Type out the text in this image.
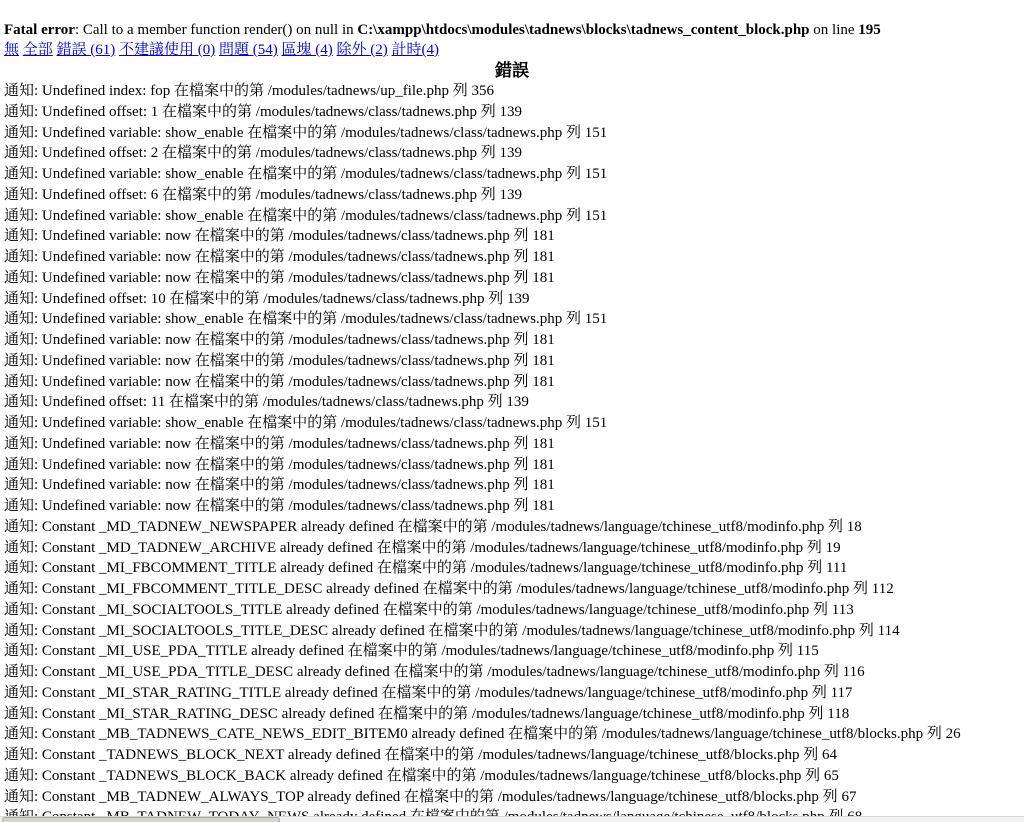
Fatal error: Call to a member function render() on null in C:\xampp\htdocs\modules\tadnews\blocks\tadnews_content_block.php on line 195
無 全部 錯誤 (61) 不建議使用 (0) 問題 (54) 區塊 (4) 除外 (2) 計時(4)
錯誤
通知: Undefined index: fop 在檔案中的第 /modules/tadnews/up_file.php 列 356
通知: Undefined offset: 1 在檔案中的第 /modules/tadnews/class/tadnews.php 列 139
通知: Undefined variable: show_enable 在檔案中的第 /modules/tadnews/class/tadnews.php 列 151
通知: Undefined offset: 2 在檔案中的第 /modules/tadnews/class/tadnews.php 列 139
通知: Undefined variable: show_enable 在檔案中的第 /modules/tadnews/class/tadnews.php 列 151
通知: Undefined offset: 6 在檔案中的第 /modules/tadnews/class/tadnews.php 列 139
通知: Undefined variable: show_enable 在檔案中的第 /modules/tadnews/class/tadnews.php 列 151
通知: Undefined variable: now 在檔案中的第 /modules/tadnews/class/tadnews.php 列 181
通知: Undefined variable: now 在檔案中的第 /modules/tadnews/class/tadnews.php 列 181
通知: Undefined variable: now 在檔案中的第 /modules/tadnews/class/tadnews.php 列 181
通知: Undefined offset: 10 在檔案中的第 /modules/tadnews/class/tadnews.php 列 139
通知: Undefined variable: show_enable 在檔案中的第 /modules/tadnews/class/tadnews.php 列 151
通知: Undefined variable: now 在檔案中的第 /modules/tadnews/class/tadnews.php 列 181
通知: Undefined variable: now 在檔案中的第 /modules/tadnews/class/tadnews.php 列 181
通知: Undefined variable: now 在檔案中的第 /modules/tadnews/class/tadnews.php 列 181
通知: Undefined offset: 11 在檔案中的第 /modules/tadnews/class/tadnews.php 列 139
通知: Undefined variable: show_enable 在檔案中的第 /modules/tadnews/class/tadnews.php 列 151
通知: Undefined variable: now 在檔案中的第 /modules/tadnews/class/tadnews.php 列 181
通知: Undefined variable: now 在檔案中的第 /modules/tadnews/class/tadnews.php 列 181
通知: Undefined variable: now 在檔案中的第 /modules/tadnews/class/tadnews.php 列 181
通知: Undefined variable: now 在檔案中的第 /modules/tadnews/class/tadnews.php 列 181
通知: Constant _MD_TADNEW_NEWSPAPER already defined 在檔案中的第 /modules/tadnews/language/tchinese_utf8/modinfo.php 列 18
通知: Constant _MD_TADNEW_ARCHIVE already defined 在檔案中的第 /modules/tadnews/language/tchinese_utf8/modinfo.php 列 19
通知: Constant _MI_FBCOMMENT_TITLE already defined 在檔案中的第 /modules/tadnews/language/tchinese_utf8/modinfo.php 列 111
通知: Constant _MI_FBCOMMENT_TITLE_DESC already defined 在檔案中的第 /modules/tadnews/language/tchinese_utf8/modinfo.php 列 112
通知: Constant _MI_SOCIALTOOLS_TITLE already defined 在檔案中的第 /modules/tadnews/language/tchinese_utf8/modinfo.php 列 113
通知: Constant _MI_SOCIALTOOLS_TITLE_DESC already defined 在檔案中的第 /modules/tadnews/language/tchinese_utf8/modinfo.php 列 114
通知: Constant _MI_USE_PDA_TITLE already defined 在檔案中的第 /modules/tadnews/language/tchinese_utf8/modinfo.php 列 115
通知: Constant _MI_USE_PDA_TITLE_DESC already defined 在檔案中的第 /modules/tadnews/language/tchinese_utf8/modinfo.php 列 116
通知: Constant _MI_STAR_RATING_TITLE already defined 在檔案中的第 /modules/tadnews/language/tchinese_utf8/modinfo.php 列 117
通知: Constant _MI_STAR_RATING_DESC already defined 在檔案中的第 /modules/tadnews/language/tchinese_utf8/modinfo.php 列 118
通知: Constant _MB_TADNEWS_CATE_NEWS_EDIT_BITEM0 already defined 在檔案中的第 /modules/tadnews/language/tchinese_utf8/blocks.php 列 26
通知: Constant _TADNEWS_BLOCK_NEXT already defined 在檔案中的第 /modules/tadnews/language/tchinese_utf8/blocks.php 列 64
通知: Constant _TADNEWS_BLOCK_BACK already defined 在檔案中的第 /modules/tadnews/language/tchinese_utf8/blocks.php 列 65
通知: Constant _MB_TADNEW_ALWAYS_TOP already defined 在檔案中的第 /modules/tadnews/language/tchinese_utf8/blocks.php 列 67
